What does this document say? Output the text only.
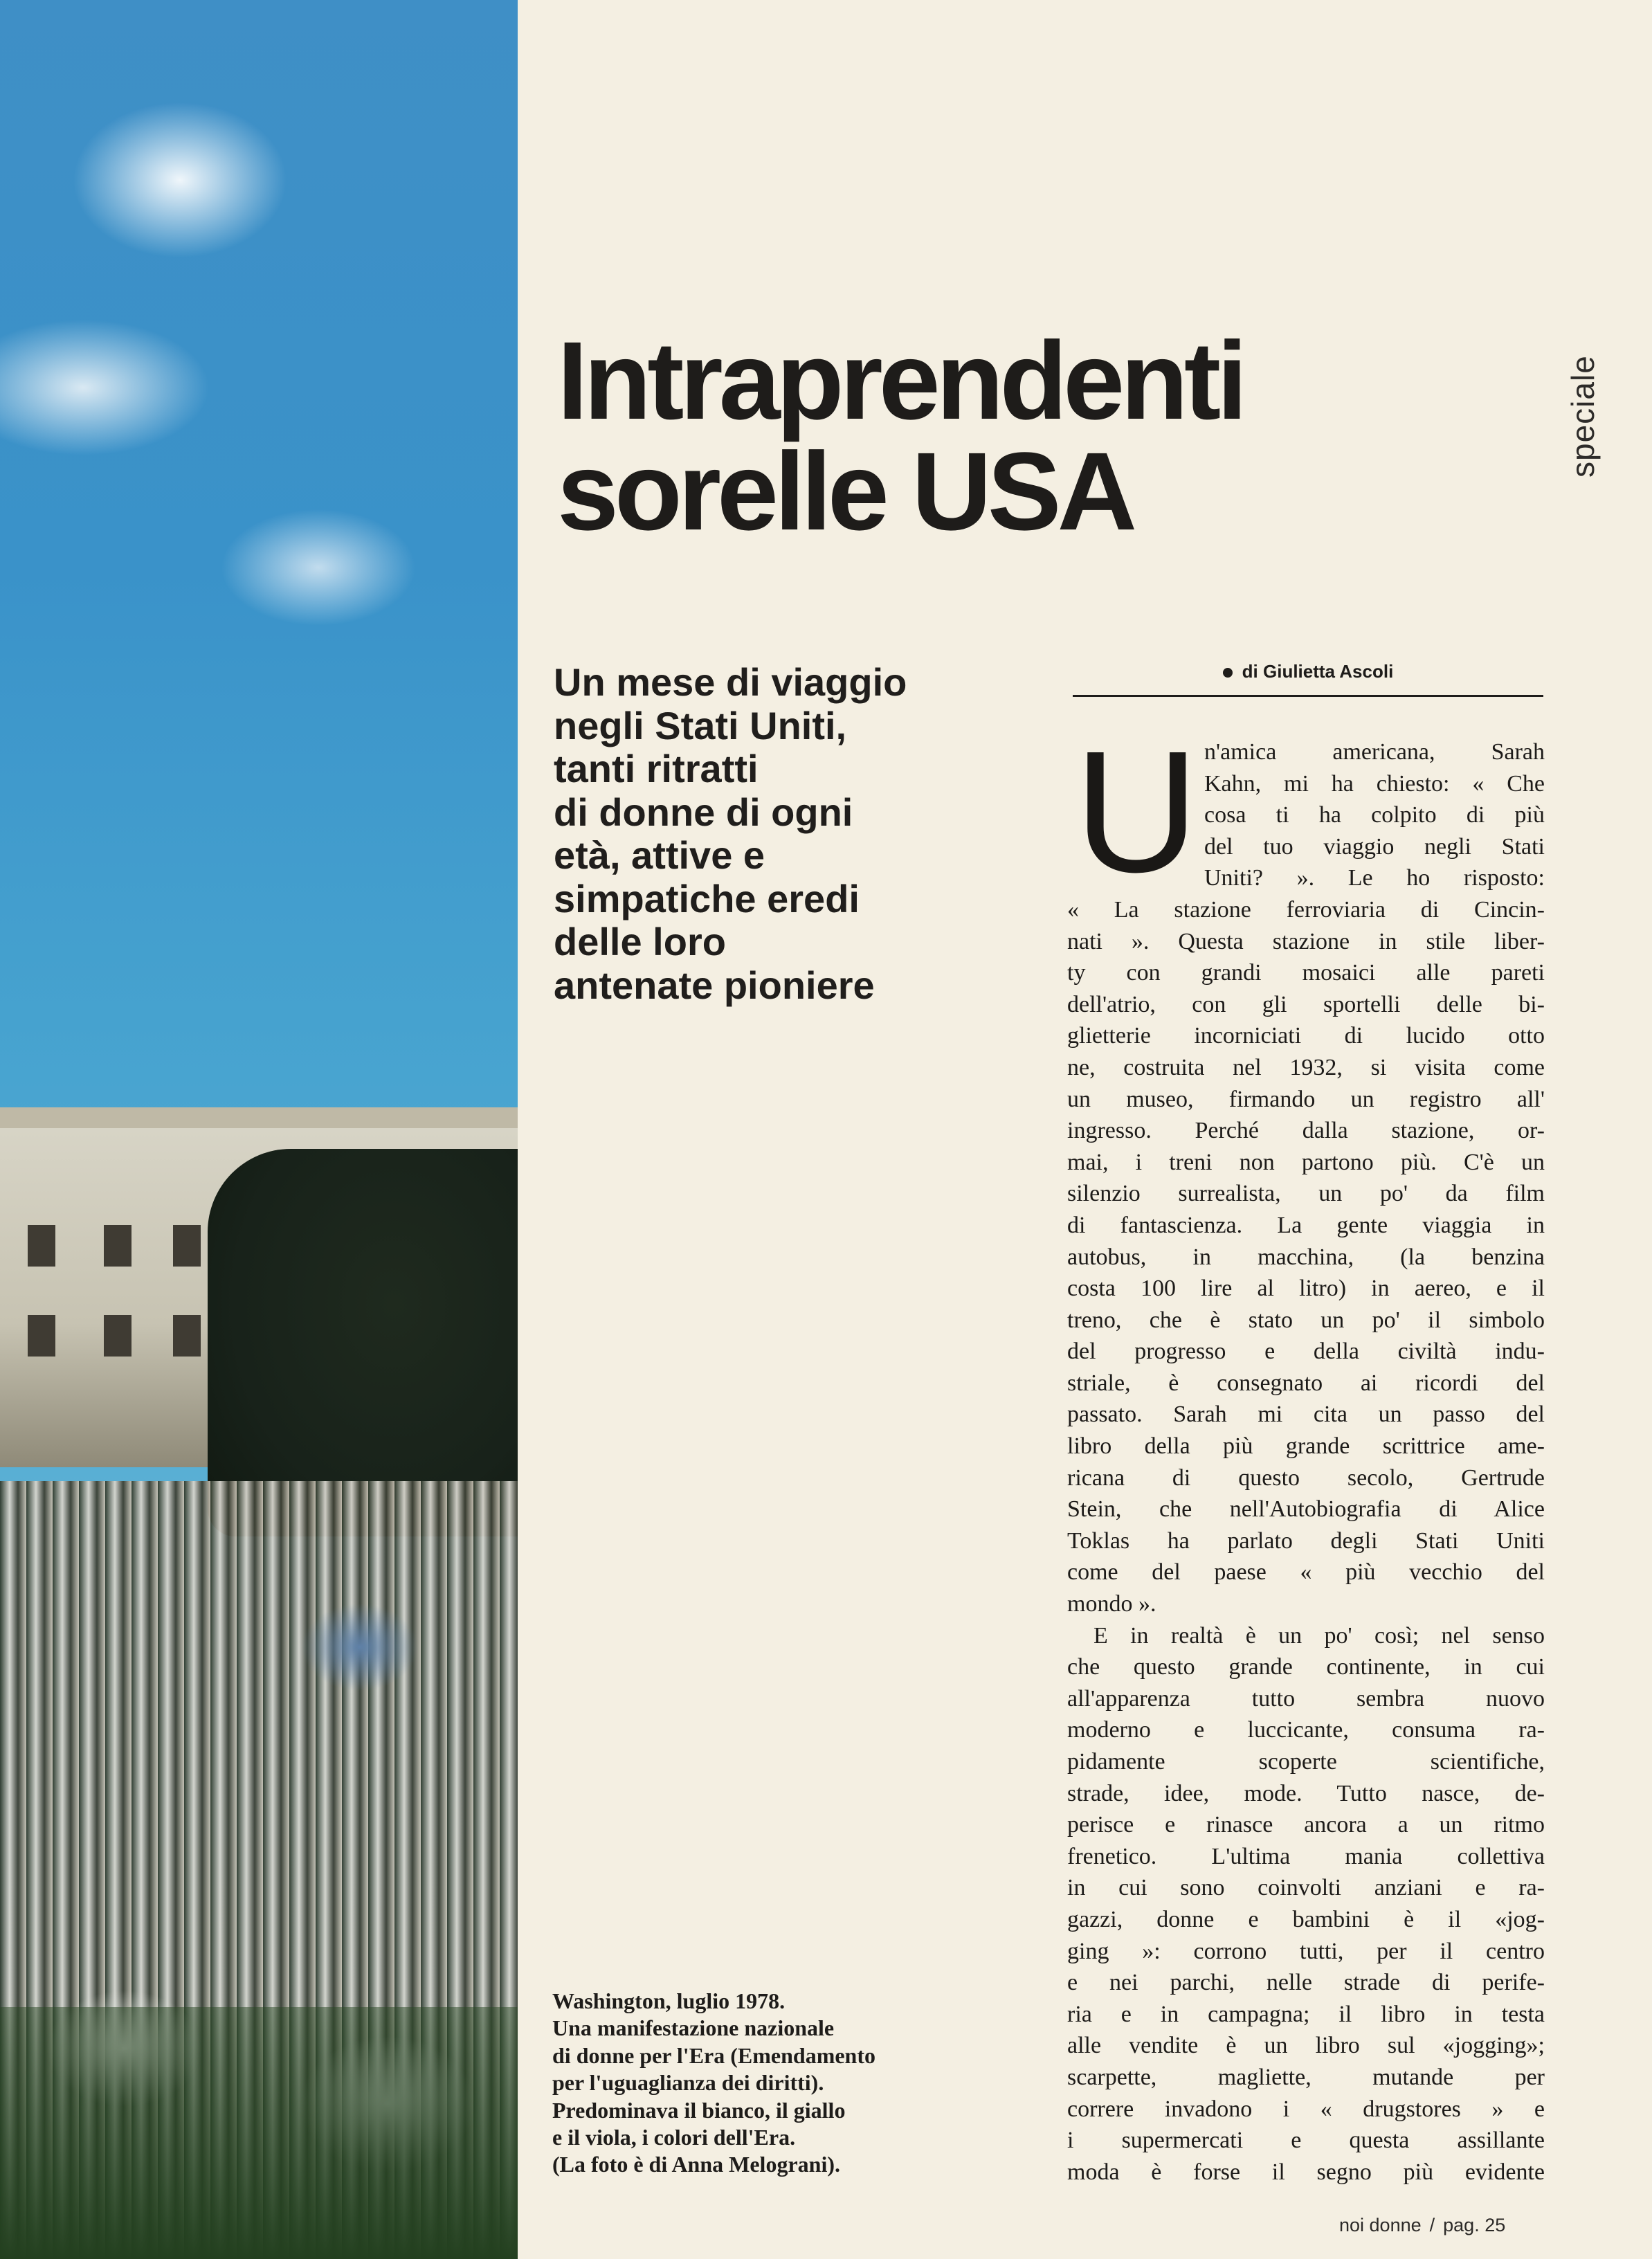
Intraprendenti
sorelle USA
speciale
Un mese di viaggio
negli Stati Uniti,
tanti ritratti
di donne di ogni
età, attive e
simpatiche eredi
delle loro
antenate pioniere
di Giulietta Ascoli
U n'amica americana, Sarah
Kahn, mi ha chiesto: « Che
cosa ti ha colpito di più
del tuo viaggio negli Stati
Uniti? ». Le ho risposto:
« La stazione ferroviaria di Cincin-
nati ». Questa stazione in stile liber-
ty con grandi mosaici alle pareti
dell'atrio, con gli sportelli delle bi-
glietterie incorniciati di lucido otto
ne, costruita nel 1932, si visita come
un museo, firmando un registro all'
ingresso. Perché dalla stazione, or-
mai, i treni non partono più. C'è un
silenzio surrealista, un po' da film
di fantascienza. La gente viaggia in
autobus, in macchina, (la benzina
costa 100 lire al litro) in aereo, e il
treno, che è stato un po' il simbolo
del progresso e della civiltà indu-
striale, è consegnato ai ricordi del
passato. Sarah mi cita un passo del
libro della più grande scrittrice ame-
ricana di questo secolo, Gertrude
Stein, che nell'Autobiografia di Alice
Toklas ha parlato degli Stati Uniti
come del paese « più vecchio del
mondo ».
E in realtà è un po' così; nel senso
che questo grande continente, in cui
all'apparenza tutto sembra nuovo
moderno e luccicante, consuma ra-
pidamente scoperte scientifiche,
strade, idee, mode. Tutto nasce, de-
perisce e rinasce ancora a un ritmo
frenetico. L'ultima mania collettiva
in cui sono coinvolti anziani e ra-
gazzi, donne e bambini è il «jog-
ging »: corrono tutti, per il centro
e nei parchi, nelle strade di perife-
ria e in campagna; il libro in testa
alle vendite è un libro sul «jogging»;
scarpette, magliette, mutande per
correre invadono i « drugstores » e
i supermercati e questa assillante
moda è forse il segno più evidente
Washington, luglio 1978.
Una manifestazione nazionale
di donne per l'Era (Emendamento
per l'uguaglianza dei diritti).
Predominava il bianco, il giallo
e il viola, i colori dell'Era.
(La foto è di Anna Melograni).
noi donne / pag. 25
